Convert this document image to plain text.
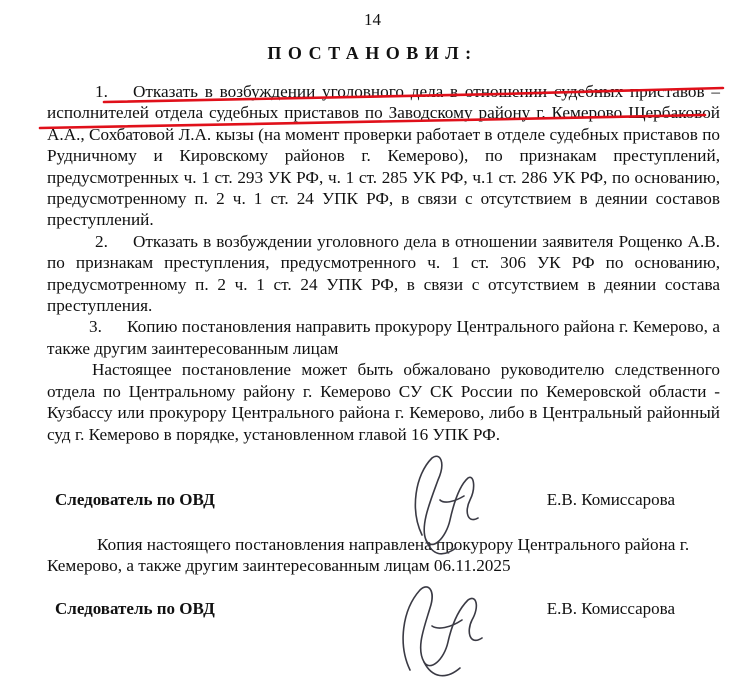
14
ПОСТАНОВИЛ:

1. Отказать в возбуждении уголовного дела в отношении судебных приставов – исполнителей отдела судебных приставов по Заводскому району г. Кемерово Щербаковой А.А., Сохбатовой Л.А. кызы (на момент проверки работает в отделе судебных приставов по Рудничному и Кировскому районов г. Кемерово), по признакам преступлений, предусмотренных ч. 1 ст. 293 УК РФ, ч. 1 ст. 285 УК РФ, ч.1 ст. 286 УК РФ, по основанию, предусмотренному п. 2 ч. 1 ст. 24 УПК РФ, в связи с отсутствием в деянии составов преступлений.

2. Отказать в возбуждении уголовного дела в отношении заявителя Рощенко А.В. по признакам преступления, предусмотренного ч. 1 ст. 306 УК РФ по основанию, предусмотренному п. 2 ч. 1 ст. 24 УПК РФ, в связи с отсутствием в деянии состава преступления.

3. Копию постановления направить прокурору Центрального района г. Кемерово, а также другим заинтересованным лицам

Настоящее постановление может быть обжаловано руководителю следственного отдела по Центральному району г. Кемерово СУ СК России по Кемеровской области - Кузбассу или прокурору Центрального района г. Кемерово, либо в Центральный районный суд г. Кемерово в порядке, установленном главой 16 УПК РФ.

Следователь по ОВД	Е.В. Комиссарова

Копия настоящего постановления направлена прокурору Центрального района г. Кемерово, а также другим заинтересованным лицам 06.11.2025

Следователь по ОВД	Е.В. Комиссарова
